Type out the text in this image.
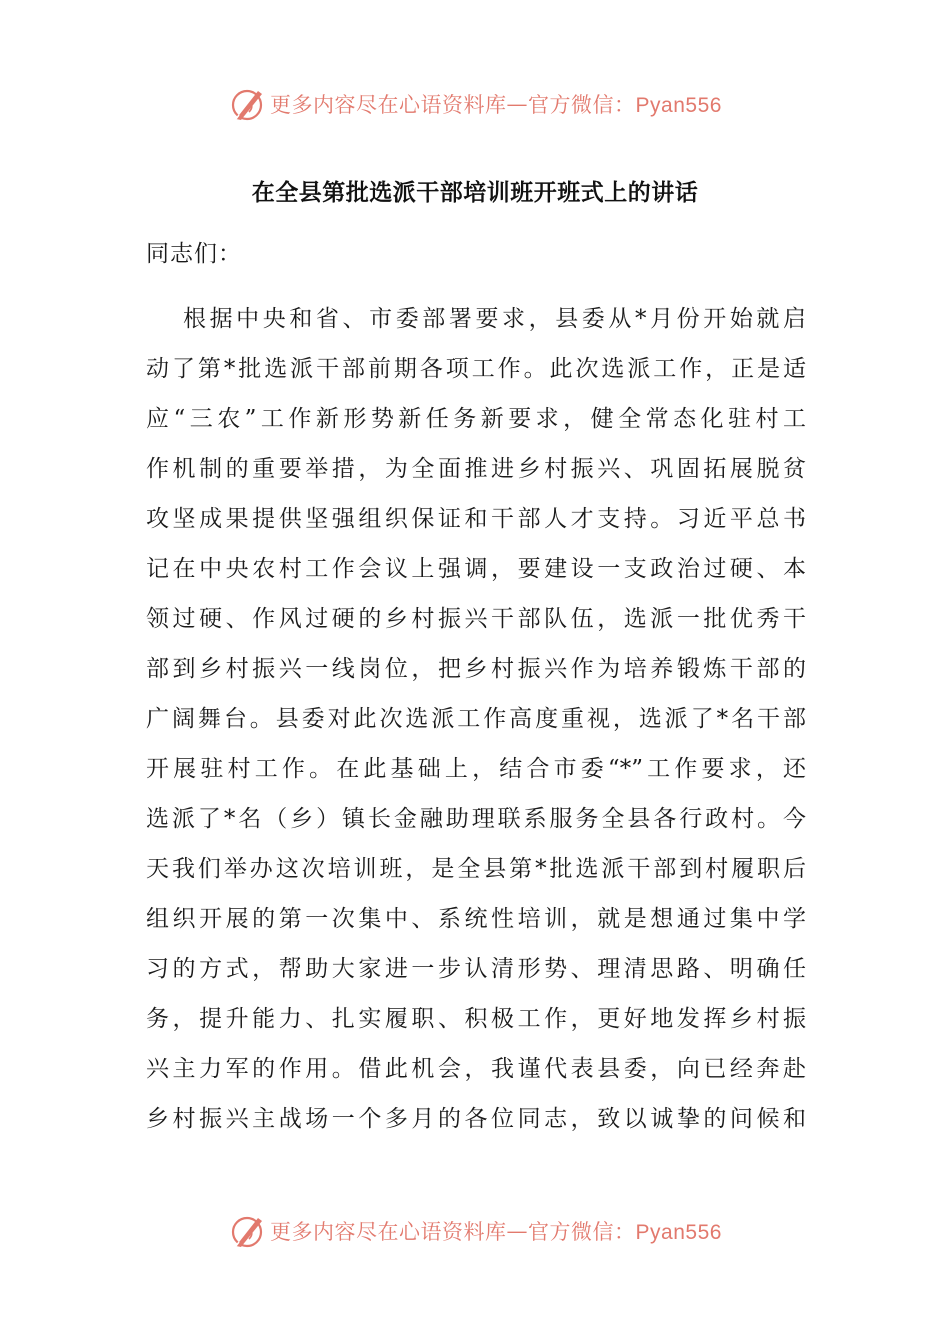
更多内容尽在心语资料库 — 官方微信：Pyan556
在全县第批选派干部培训班开班式上的讲话

同志们：

根据中央和省、市委部署要求，县委从*月份开始就启
动了第*批选派干部前期各项工作。此次选派工作，正是适
应“三农”工作新形势新任务新要求，健全常态化驻村工
作机制的重要举措，为全面推进乡村振兴、巩固拓展脱贫
攻坚成果提供坚强组织保证和干部人才支持。习近平总书
记在中央农村工作会议上强调，要建设一支政治过硬、本
领过硬、作风过硬的乡村振兴干部队伍，选派一批优秀干
部到乡村振兴一线岗位，把乡村振兴作为培养锻炼干部的
广阔舞台。县委对此次选派工作高度重视，选派了*名干部
开展驻村工作。在此基础上，结合市委“*”工作要求，还
选派了*名（乡）镇长金融助理联系服务全县各行政村。今
天我们举办这次培训班，是全县第*批选派干部到村履职后
组织开展的第一次集中、系统性培训，就是想通过集中学
习的方式，帮助大家进一步认清形势、理清思路、明确任
务，提升能力、扎实履职、积极工作，更好地发挥乡村振
兴主力军的作用。借此机会，我谨代表县委，向已经奔赴
乡村振兴主战场一个多月的各位同志，致以诚挚的问候和
更多内容尽在心语资料库 — 官方微信：Pyan556
